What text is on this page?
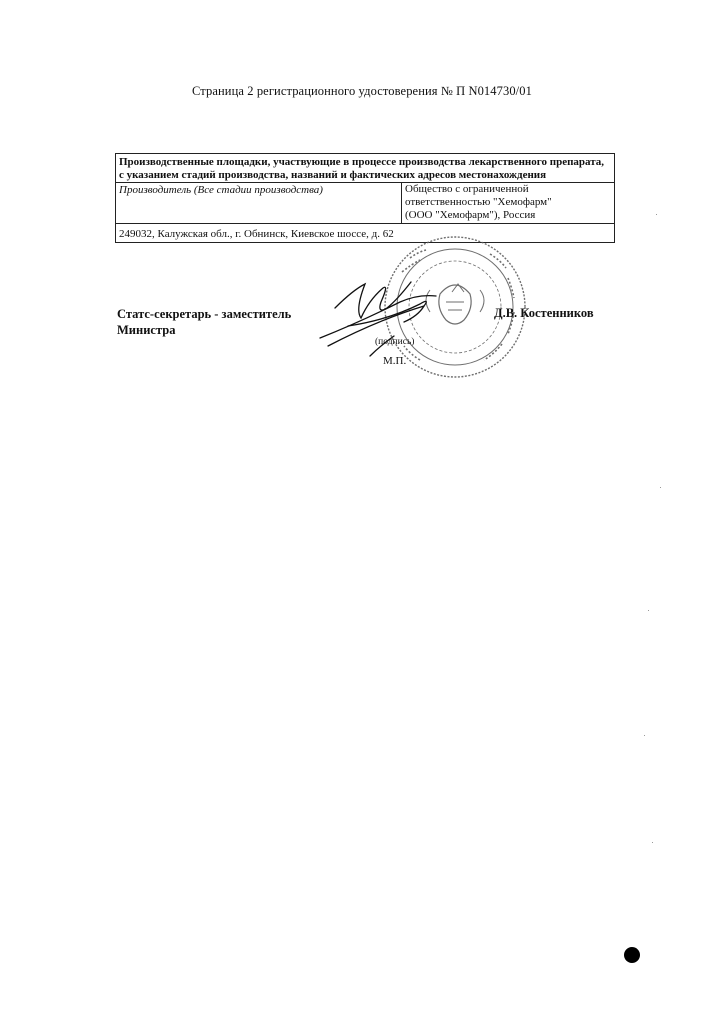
Страница 2 регистрационного удостоверения № П N014730/01
Производственные площадки, участвующие в процессе производства лекарственного препарата, с указанием стадий производства, названий и фактических адресов местонахождения
Производитель (Все стадии производства)	Общество с ограниченной
ответственностью "Хемофарм"
(ООО "Хемофарм"), Россия

249032, Калужская обл., г. Обнинск, Киевское шоссе, д. 62
Статс-секретарь - заместитель
Министра
Д.В. Костенников
(подпись)
М.П.
